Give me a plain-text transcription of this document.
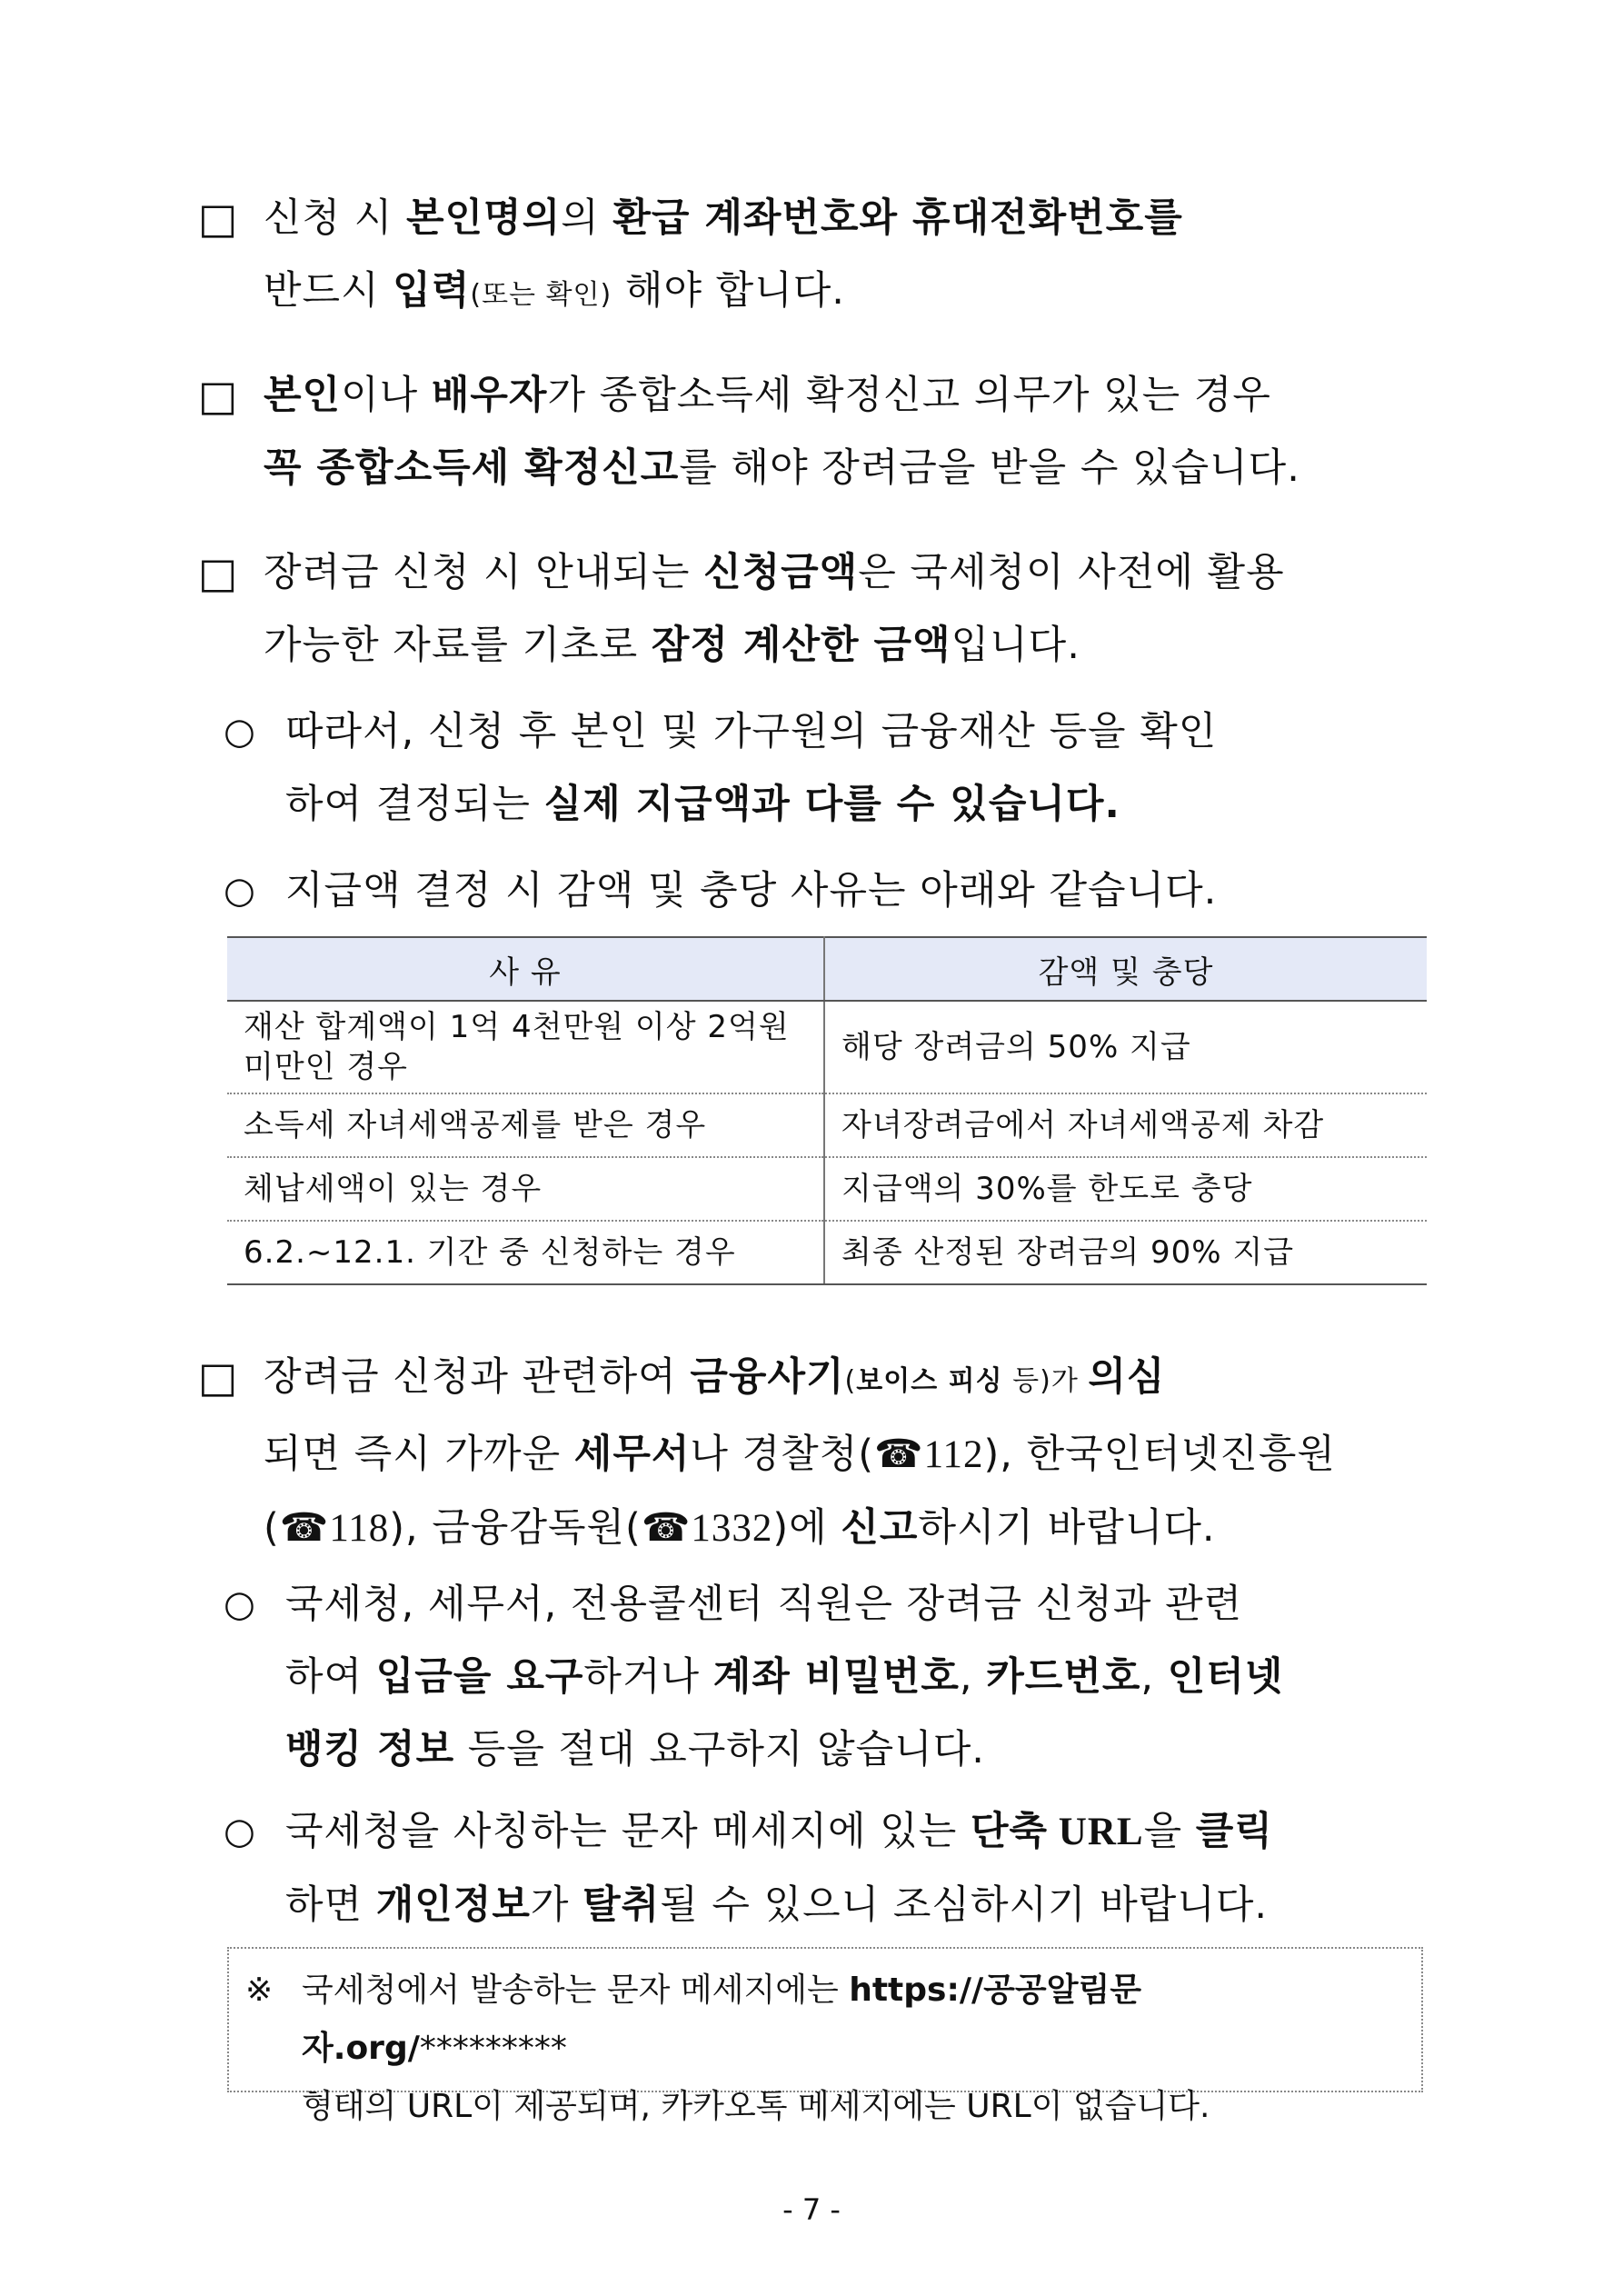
□ 신청 시 본인명의의 환급 계좌번호와 휴대전화번호를
반드시 입력(또는 확인) 해야 합니다.
□ 본인이나 배우자가 종합소득세 확정신고 의무가 있는 경우
꼭 종합소득세 확정신고를 해야 장려금을 받을 수 있습니다.
□ 장려금 신청 시 안내되는 신청금액은 국세청이 사전에 활용
가능한 자료를 기초로 잠정 계산한 금액입니다.
○ 따라서, 신청 후 본인 및 가구원의 금융재산 등을 확인
하여 결정되는 실제 지급액과 다를 수 있습니다.
○ 지급액 결정 시 감액 및 충당 사유는 아래와 같습니다.
사 유	감액 및 충당
재산 합계액이 1억 4천만원 이상 2억원 미만인 경우	해당 장려금의 50% 지급
소득세 자녀세액공제를 받은 경우	자녀장려금에서 자녀세액공제 차감
체납세액이 있는 경우	지급액의 30%를 한도로 충당
6.2.~12.1. 기간 중 신청하는 경우	최종 산정된 장려금의 90% 지급
□ 장려금 신청과 관련하여 금융사기(보이스 피싱 등)가 의심
되면 즉시 가까운 세무서나 경찰청(☎112), 한국인터넷진흥원
(☎118), 금융감독원(☎1332)에 신고하시기 바랍니다.
○ 국세청, 세무서, 전용콜센터 직원은 장려금 신청과 관련
하여 입금을 요구하거나 계좌 비밀번호, 카드번호, 인터넷
뱅킹 정보 등을 절대 요구하지 않습니다.
○ 국세청을 사칭하는 문자 메세지에 있는 단축 URL을 클릭
하면 개인정보가 탈취될 수 있으니 조심하시기 바랍니다.
※ 국세청에서 발송하는 문자 메세지에는 https://공공알림문자.org/*********
형태의 URL이 제공되며, 카카오톡 메세지에는 URL이 없습니다.
- 7 -
